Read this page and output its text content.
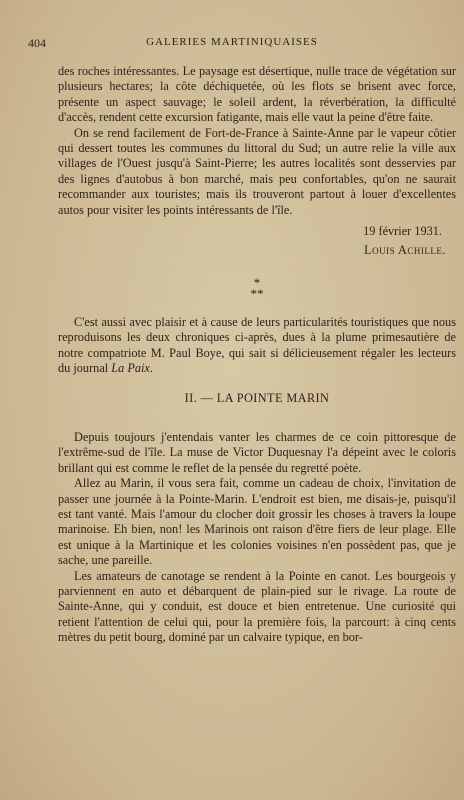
404	GALERIES MARTINIQUAISES

des roches intéressantes. Le paysage est désertique, nulle trace de végétation sur plusieurs hectares; la côte déchiquetée, où les flots se brisent avec force, présente un aspect sauvage; le soleil ardent, la réverbération, la difficulté d'accès, rendent cette excursion fatigante, mais elle vaut la peine d'être faite.

On se rend facilement de Fort-de-France à Sainte-Anne par le vapeur côtier qui dessert toutes les communes du littoral du Sud; un autre relie la ville aux villages de l'Ouest jusqu'à Saint-Pierre; les autres localités sont desservies par des lignes d'autobus à bon marché, mais peu confortables, qu'on ne saurait recommander aux touristes; mais ils trouveront partout à louer d'excellentes autos pour visiter les points intéressants de l'île.

19 février 1931.

Louis Achille.

*
**

C'est aussi avec plaisir et à cause de leurs particularités touristiques que nous reproduisons les deux chroniques ci-après, dues à la plume primesautière de notre compatriote M. Paul Boye, qui sait si délicieusement régaler les lecteurs du journal La Paix.

II. — LA POINTE MARIN

Depuis toujours j'entendais vanter les charmes de ce coin pittoresque de l'extrême-sud de l'île. La muse de Victor Duquesnay l'a dépeint avec le coloris brillant qui est comme le reflet de la pensée du regretté poète.

Allez au Marin, il vous sera fait, comme un cadeau de choix, l'invitation de passer une journée à la Pointe-Marin. L'endroit est bien, me disais-je, puisqu'il est tant vanté. Mais l'amour du clocher doit grossir les choses à travers la loupe marinoise. Eh bien, non! les Marinois ont raison d'être fiers de leur plage. Elle est unique à la Martinique et les colonies voisines n'en possèdent pas, que je sache, une pareille.

Les amateurs de canotage se rendent à la Pointe en canot. Les bourgeois y parviennent en auto et débarquent de plain-pied sur le rivage. La route de Sainte-Anne, qui y conduit, est douce et bien entretenue. Une curiosité qui retient l'attention de celui qui, pour la première fois, la parcourt: à cinq cents mètres du petit bourg, dominé par un calvaire typique, en bor-
